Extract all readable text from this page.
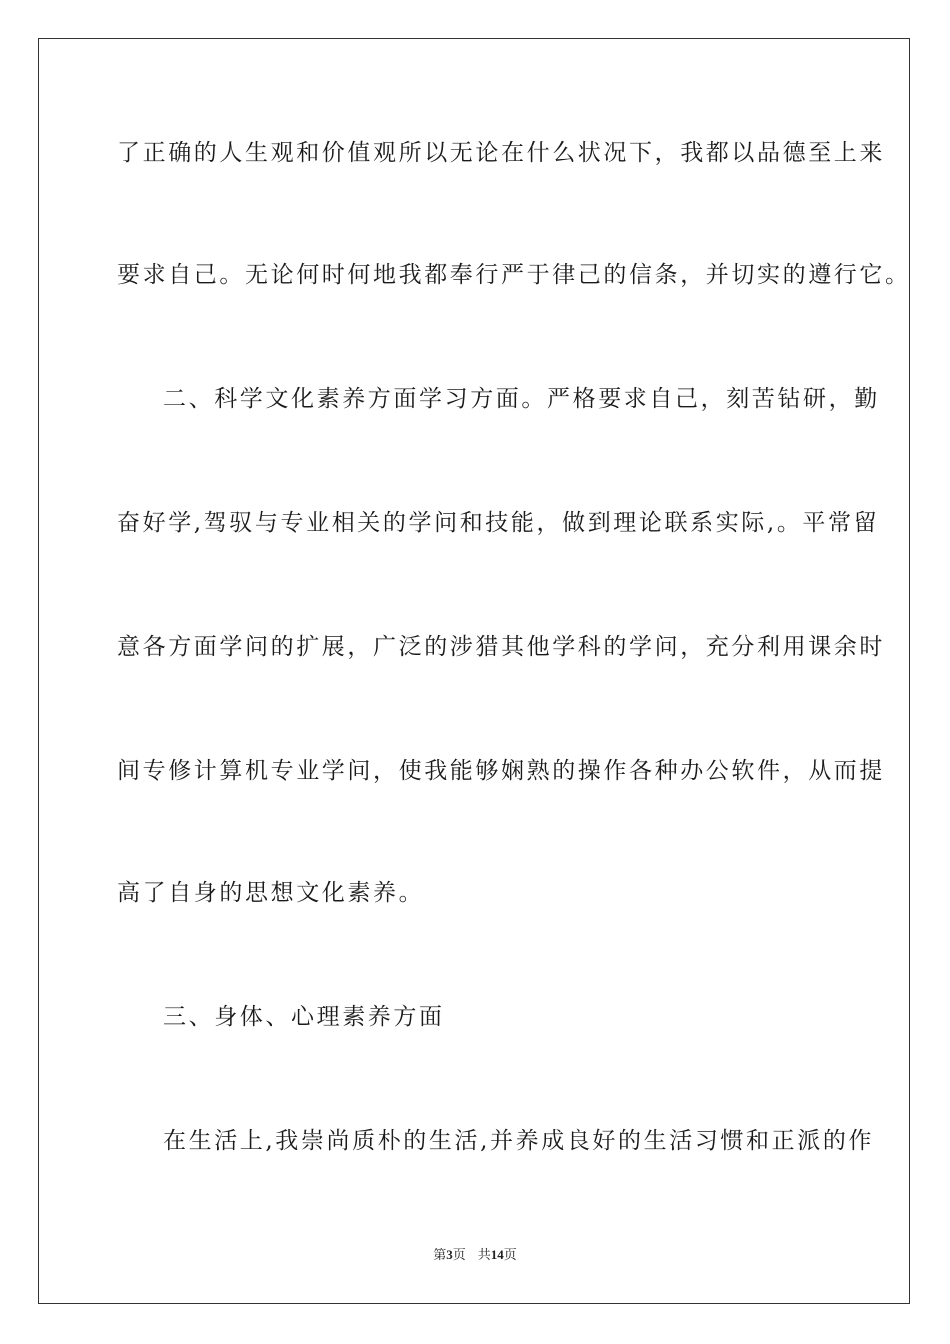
了正确的人生观和价值观所以无论在什么状况下，我都以品德至上来
要求自己。无论何时何地我都奉行严于律己的信条，并切实的遵行它。
二、科学文化素养方面学习方面。严格要求自己，刻苦钻研，勤
奋好学,驾驭与专业相关的学问和技能，做到理论联系实际,。平常留
意各方面学问的扩展，广泛的涉猎其他学科的学问，充分利用课余时
间专修计算机专业学问，使我能够娴熟的操作各种办公软件，从而提
高了自身的思想文化素养。
三、身体、心理素养方面
在生活上,我崇尚质朴的生活,并养成良好的生活习惯和正派的作
第3页 共14页
